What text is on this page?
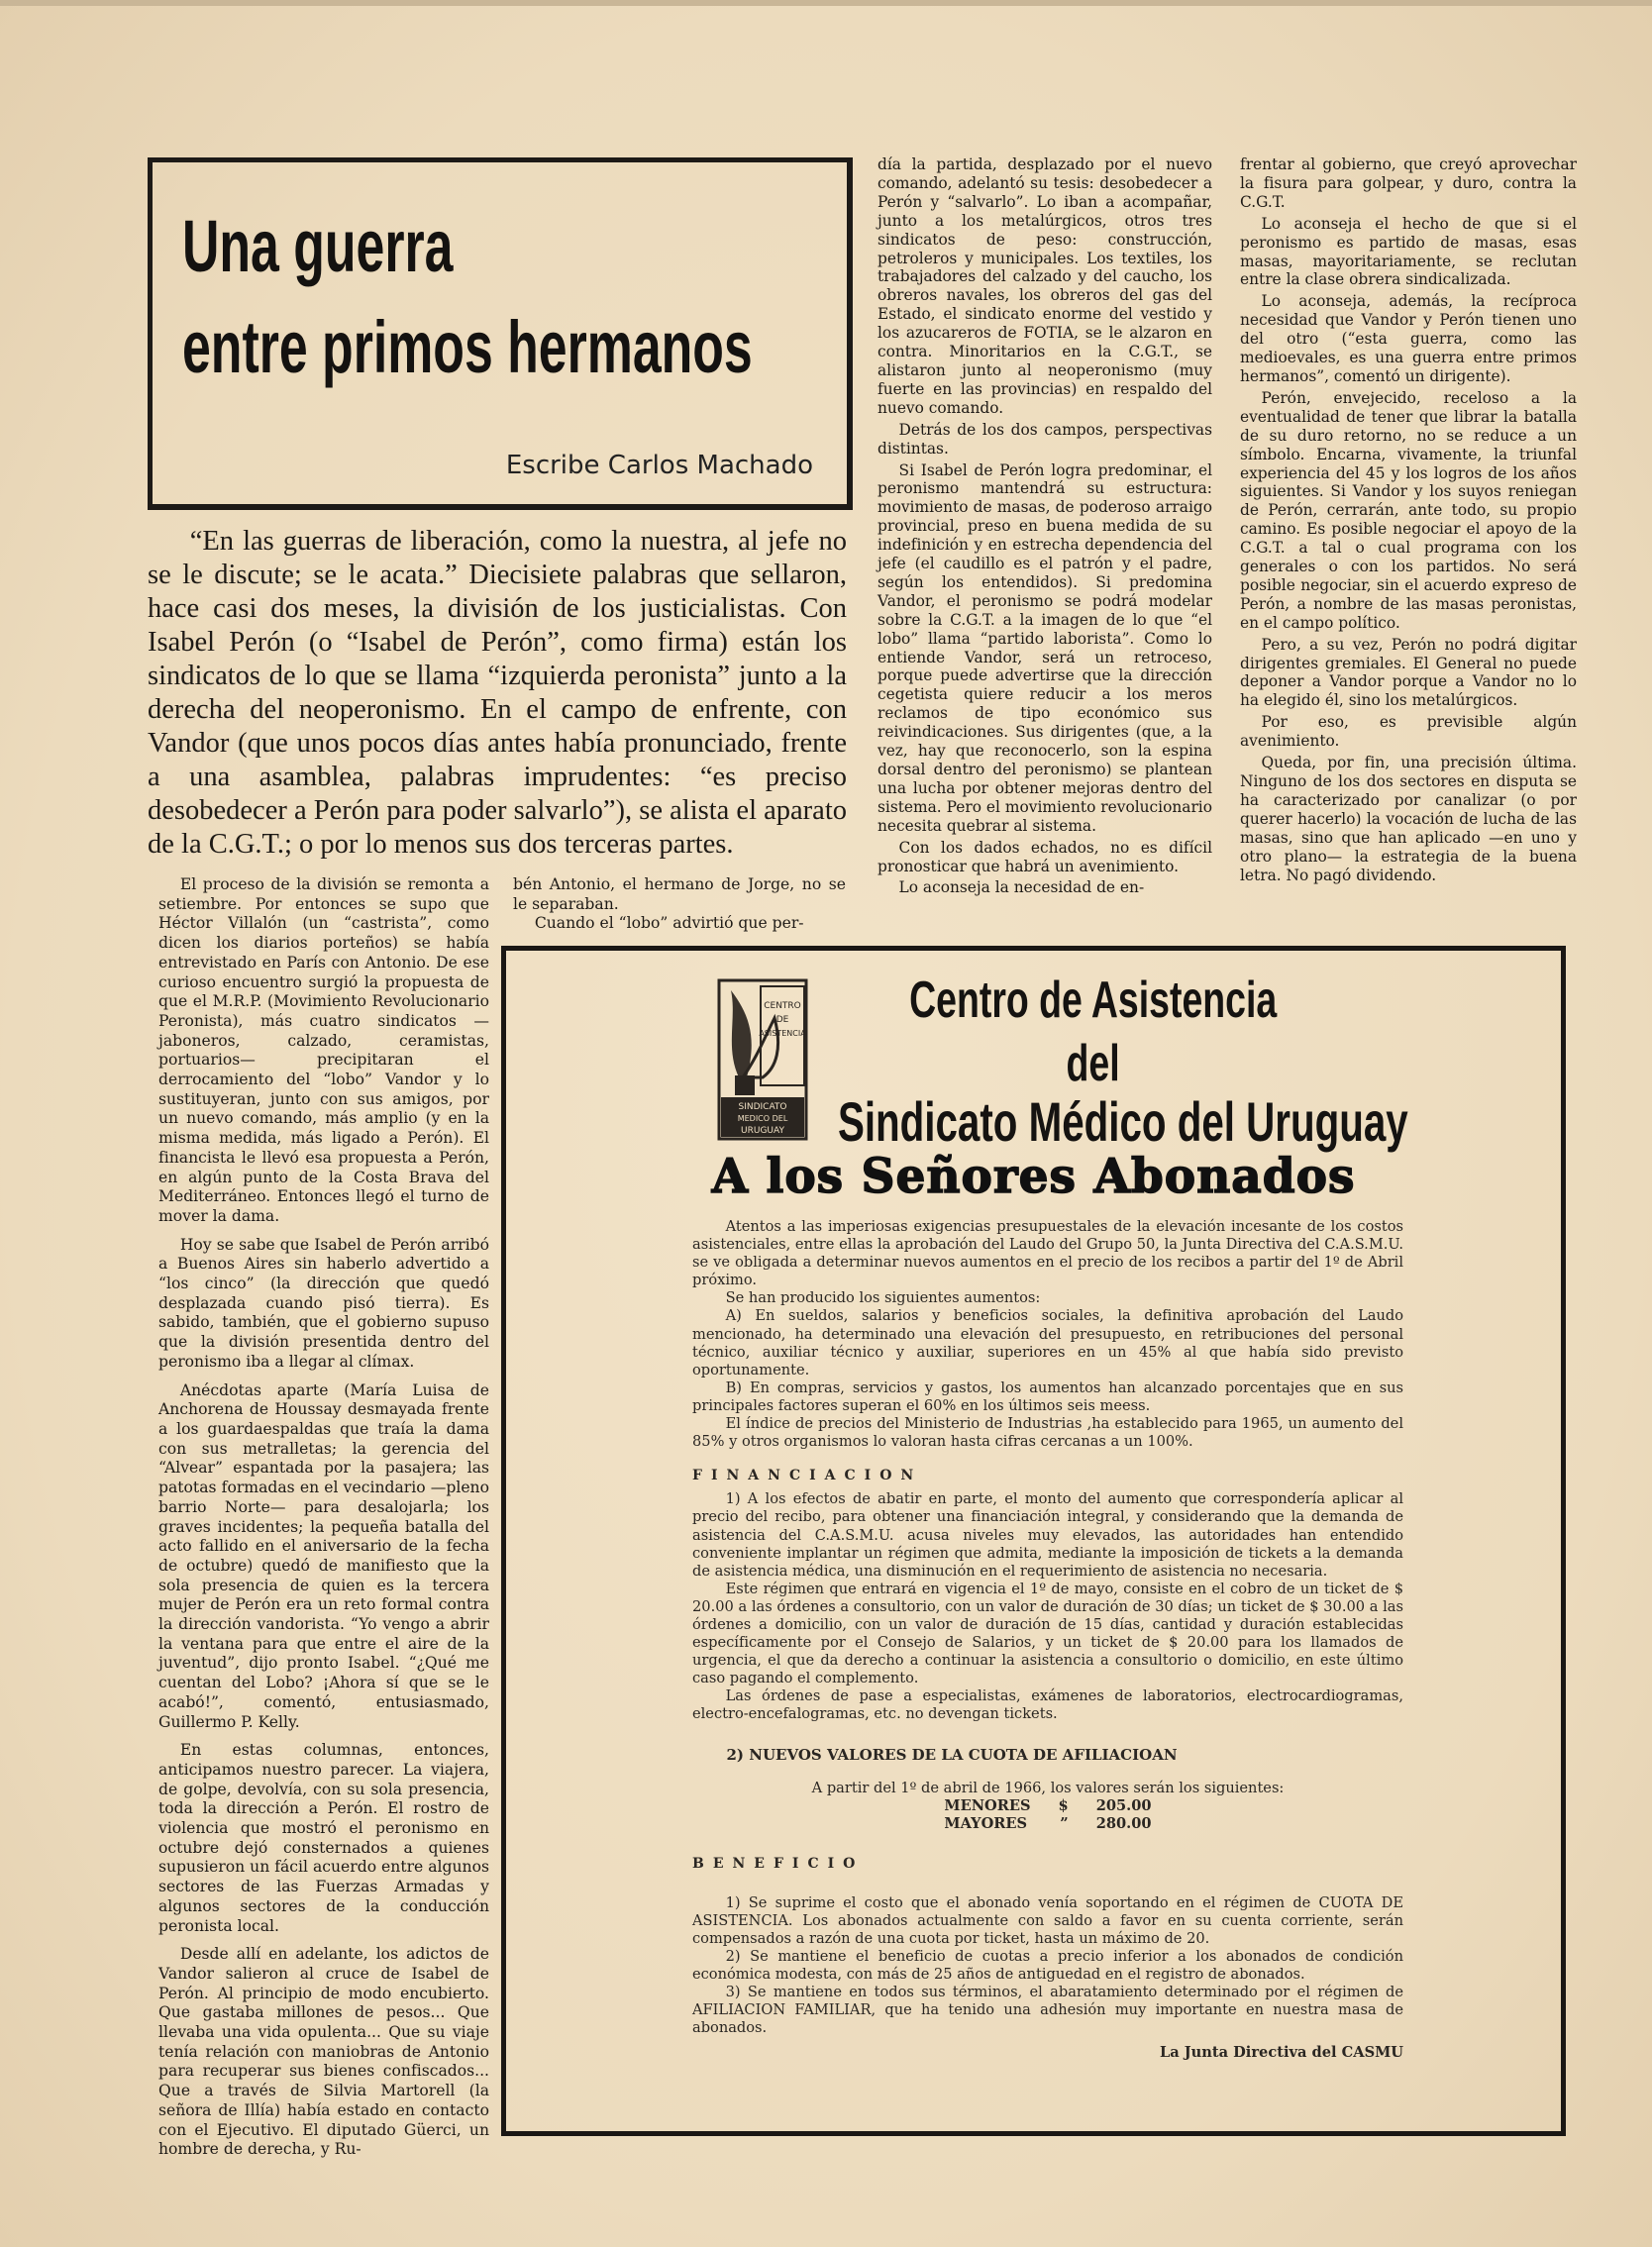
Una guerra
entre primos hermanos
Escribe Carlos Machado

“En las guerras de liberación, como la nuestra, al jefe no se le discute; se le acata.” Diecisiete palabras que sellaron, hace casi dos meses, la división de los justicialistas. Con Isabel Perón (o “Isabel de Perón”, como firma) están los sindicatos de lo que se llama “izquierda peronista” junto a la derecha del neoperonismo. En el campo de enfrente, con Vandor (que unos pocos días antes había pronunciado, frente a una asamblea, palabras imprudentes: “es preciso desobedecer a Perón para poder salvarlo”), se alista el aparato de la C.G.T.; o por lo menos sus dos terceras partes.

El proceso de la división se remonta a setiembre. Por entonces se supo que Héctor Villalón (un “castrista”, como dicen los diarios porteños) se había entrevistado en París con Antonio. De ese curioso encuentro surgió la propuesta de que el M.R.P. (Movimiento Revolucionario Peronista), más cuatro sindicatos —jaboneros, calzado, ceramistas, portuarios— precipitaran el derrocamiento del “lobo” Vandor y lo sustituyeran, junto con sus amigos, por un nuevo comando, más amplio (y en la misma medida, más ligado a Perón). El financista le llevó esa propuesta a Perón, en algún punto de la Costa Brava del Mediterráneo. Entonces llegó el turno de mover la dama.

Hoy se sabe que Isabel de Perón arribó a Buenos Aires sin haberlo advertido a “los cinco” (la dirección que quedó desplazada cuando pisó tierra). Es sabido, también, que el gobierno supuso que la división presentida dentro del peronismo iba a llegar al clímax.

Anécdotas aparte (María Luisa de Anchorena de Houssay desmayada frente a los guardaespaldas que traía la dama con sus metralletas; la gerencia del “Alvear” espantada por la pasajera; las patotas formadas en el vecindario —pleno barrio Norte— para desalojarla; los graves incidentes; la pequeña batalla del acto fallido en el aniversario de la fecha de octubre) quedó de manifiesto que la sola presencia de quien es la tercera mujer de Perón era un reto formal contra la dirección vandorista. “Yo vengo a abrir la ventana para que entre el aire de la juventud”, dijo pronto Isabel. “¿Qué me cuentan del Lobo? ¡Ahora sí que se le acabó!”, comentó, entusiasmado, Guillermo P. Kelly.

En estas columnas, entonces, anticipamos nuestro parecer. La viajera, de golpe, devolvía, con su sola presencia, toda la dirección a Perón. El rostro de violencia que mostró el peronismo en octubre dejó consternados a quienes supusieron un fácil acuerdo entre algunos sectores de las Fuerzas Armadas y algunos sectores de la conducción peronista local.

Desde allí en adelante, los adictos de Vandor salieron al cruce de Isabel de Perón. Al principio de modo encubierto. Que gastaba millones de pesos... Que llevaba una vida opulenta... Que su viaje tenía relación con maniobras de Antonio para recuperar sus bienes confiscados... Que a través de Silvia Martorell (la señora de Illía) había estado en contacto con el Ejecutivo. El diputado Güerci, un hombre de derecha, y Ru-

bén Antonio, el hermano de Jorge, no se le separaban.

Cuando el “lobo” advirtió que per-

día la partida, desplazado por el nuevo comando, adelantó su tesis: desobedecer a Perón y “salvarlo”. Lo iban a acompañar, junto a los metalúrgicos, otros tres sindicatos de peso: construcción, petroleros y municipales. Los textiles, los trabajadores del calzado y del caucho, los obreros navales, los obreros del gas del Estado, el sindicato enorme del vestido y los azucareros de FOTIA, se le alzaron en contra. Minoritarios en la C.G.T., se alistaron junto al neoperonismo (muy fuerte en las provincias) en respaldo del nuevo comando.

Detrás de los dos campos, perspectivas distintas.

Si Isabel de Perón logra predominar, el peronismo mantendrá su estructura: movimiento de masas, de poderoso arraigo provincial, preso en buena medida de su indefinición y en estrecha dependencia del jefe (el caudillo es el patrón y el padre, según los entendidos). Si predomina Vandor, el peronismo se podrá modelar sobre la C.G.T. a la imagen de lo que “el lobo” llama “partido laborista”. Como lo entiende Vandor, será un retroceso, porque puede advertirse que la dirección cegetista quiere reducir a los meros reclamos de tipo económico sus reivindicaciones. Sus dirigentes (que, a la vez, hay que reconocerlo, son la espina dorsal dentro del peronismo) se plantean una lucha por obtener mejoras dentro del sistema. Pero el movimiento revolucionario necesita quebrar al sistema.

Con los dados echados, no es difícil pronosticar que habrá un avenimiento.

Lo aconseja la necesidad de en-

frentar al gobierno, que creyó aprovechar la fisura para golpear, y duro, contra la C.G.T.

Lo aconseja el hecho de que si el peronismo es partido de masas, esas masas, mayoritariamente, se reclutan entre la clase obrera sindicalizada.

Lo aconseja, además, la recíproca necesidad que Vandor y Perón tienen uno del otro (“esta guerra, como las medioevales, es una guerra entre primos hermanos”, comentó un dirigente).

Perón, envejecido, receloso a la eventualidad de tener que librar la batalla de su duro retorno, no se reduce a un símbolo. Encarna, vivamente, la triunfal experiencia del 45 y los logros de los años siguientes. Si Vandor y los suyos reniegan de Perón, cerrarán, ante todo, su propio camino. Es posible negociar el apoyo de la C.G.T. a tal o cual programa con los generales o con los partidos. No será posible negociar, sin el acuerdo expreso de Perón, a nombre de las masas peronistas, en el campo político.

Pero, a su vez, Perón no podrá digitar dirigentes gremiales. El General no puede deponer a Vandor porque a Vandor no lo ha elegido él, sino los metalúrgicos.

Por eso, es previsible algún avenimiento.

Queda, por fin, una precisión última. Ninguno de los dos sectores en disputa se ha caracterizado por canalizar (o por querer hacerlo) la vocación de lucha de las masas, sino que han aplicado —en uno y otro plano— la estrategia de la buena letra. No pagó dividendo.

CENTRO
DE
ASISTENCIA
SINDICATO
MEDICO DEL
URUGUAY
Centro de Asistencia
del
Sindicato Médico del Uruguay
A los Señores Abonados

Atentos a las imperiosas exigencias presupuestales de la elevación incesante de los costos asistenciales, entre ellas la aprobación del Laudo del Grupo 50, la Junta Directiva del C.A.S.M.U. se ve obligada a determinar nuevos aumentos en el precio de los recibos a partir del 1º de Abril próximo.

Se han producido los siguientes aumentos:

A) En sueldos, salarios y beneficios sociales, la definitiva aprobación del Laudo mencionado, ha determinado una elevación del presupuesto, en retribuciones del personal técnico, auxiliar técnico y auxiliar, superiores en un 45% al que había sido previsto oportunamente.

B) En compras, servicios y gastos, los aumentos han alcanzado porcentajes que en sus principales factores superan el 60% en los últimos seis meess.

El índice de precios del Ministerio de Industrias ,ha establecido para 1965, un aumento del 85% y otros organismos lo valoran hasta cifras cercanas a un 100%.

FINANCIACION

1) A los efectos de abatir en parte, el monto del aumento que correspondería aplicar al precio del recibo, para obtener una financiación integral, y considerando que la demanda de asistencia del C.A.S.M.U. acusa niveles muy elevados, las autoridades han entendido conveniente implantar un régimen que admita, mediante la imposición de tickets a la demanda de asistencia médica, una disminución en el requerimiento de asistencia no necesaria.

Este régimen que entrará en vigencia el 1º de mayo, consiste en el cobro de un ticket de $ 20.00 a las órdenes a consultorio, con un valor de duración de 30 días; un ticket de $ 30.00 a las órdenes a domicilio, con un valor de duración de 15 días, cantidad y duración establecidas específicamente por el Consejo de Salarios, y un ticket de $ 20.00 para los llamados de urgencia, el que da derecho a continuar la asistencia a consultorio o domicilio, en este último caso pagando el complemento.

Las órdenes de pase a especialistas, exámenes de laboratorios, electrocardiogramas, electro-encefalogramas, etc. no devengan tickets.

2) NUEVOS VALORES DE LA CUOTA DE AFILIACIOAN

A partir del 1º de abril de 1966, los valores serán los siguientes:

MENORES	$	205.00
MAYORES	”	280.00

BENEFICIO

1) Se suprime el costo que el abonado venía soportando en el régimen de CUOTA DE ASISTENCIA. Los abonados actualmente con saldo a favor en su cuenta corriente, serán compensados a razón de una cuota por ticket, hasta un máximo de 20.

2) Se mantiene el beneficio de cuotas a precio inferior a los abonados de condición económica modesta, con más de 25 años de antiguedad en el registro de abonados.

3) Se mantiene en todos sus términos, el abaratamiento determinado por el régimen de AFILIACION FAMILIAR, que ha tenido una adhesión muy importante en nuestra masa de abonados.

La Junta Directiva del CASMU
